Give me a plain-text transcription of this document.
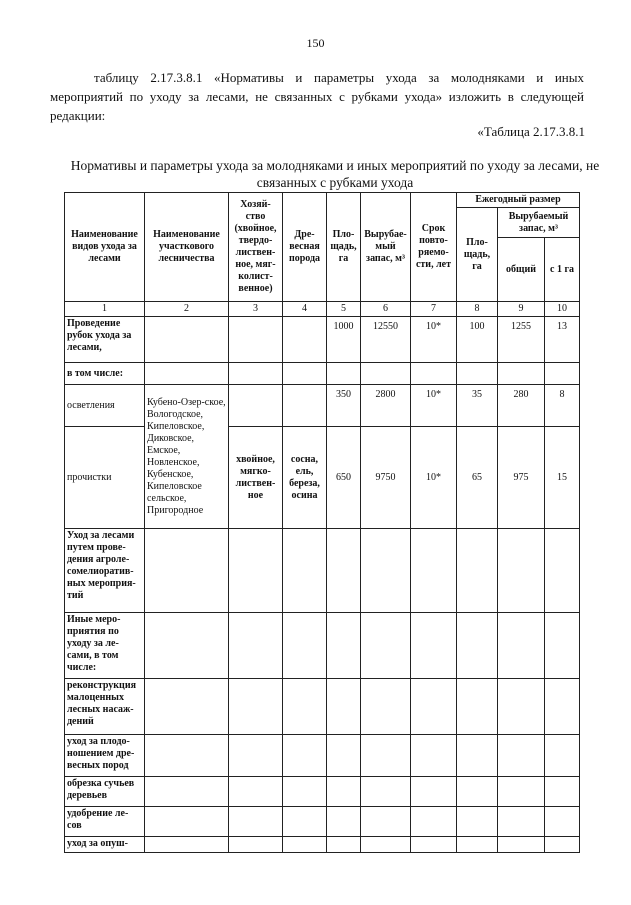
150
таблицу 2.17.3.8.1 «Нормативы и параметры ухода за молодняками и иных мероприятий по уходу за лесами, не связанных с рубками ухода» изложить в следующей редакции:
«Таблица 2.17.3.8.1
Нормативы и параметры ухода за молодняками и иных мероприятий по уходу за лесами, не связанных с рубками ухода
Наименование видов ухода за лесами	Наименование участкового лесничества	Хозяй-ство (хвойное, твердо-листвен-ное, мяг-колист-венное)	Дре-весная порода	Пло-щадь, га	Вырубае-мый запас, м³	Срок повто-ряемо-сти, лет	Ежегодный размер		
							Пло-щадь, га	Вырубаемый запас, м³	
								общий	с 1 га
1	2	3	4	5	6	7	8	9	10
Проведение рубок ухода за лесами,				1000	12550	10*	100	1255	13
в том числе:									
осветления	Кубено-Озер-ское, Вологодское, Кипеловское, Диковское, Емское, Новленское, Кубенское, Кипеловское сельское, Пригородное			350	2800	10*	35	280	8
прочистки		хвойное, мягко-листвен-ное	сосна, ель, береза, осина	650	9750	10*	65	975	15
Уход за лесами путем прове-дения агроле-сомелиоратив-ных мероприя-тий									
Иные меро-приятия по уходу за ле-сами, в том числе:									
реконструкция малоценных лесных насаж-дений									
уход за плодо-ношением дре-весных пород									
обрезка сучьев деревьев									
удобрение ле-сов									
уход за опуш-									
